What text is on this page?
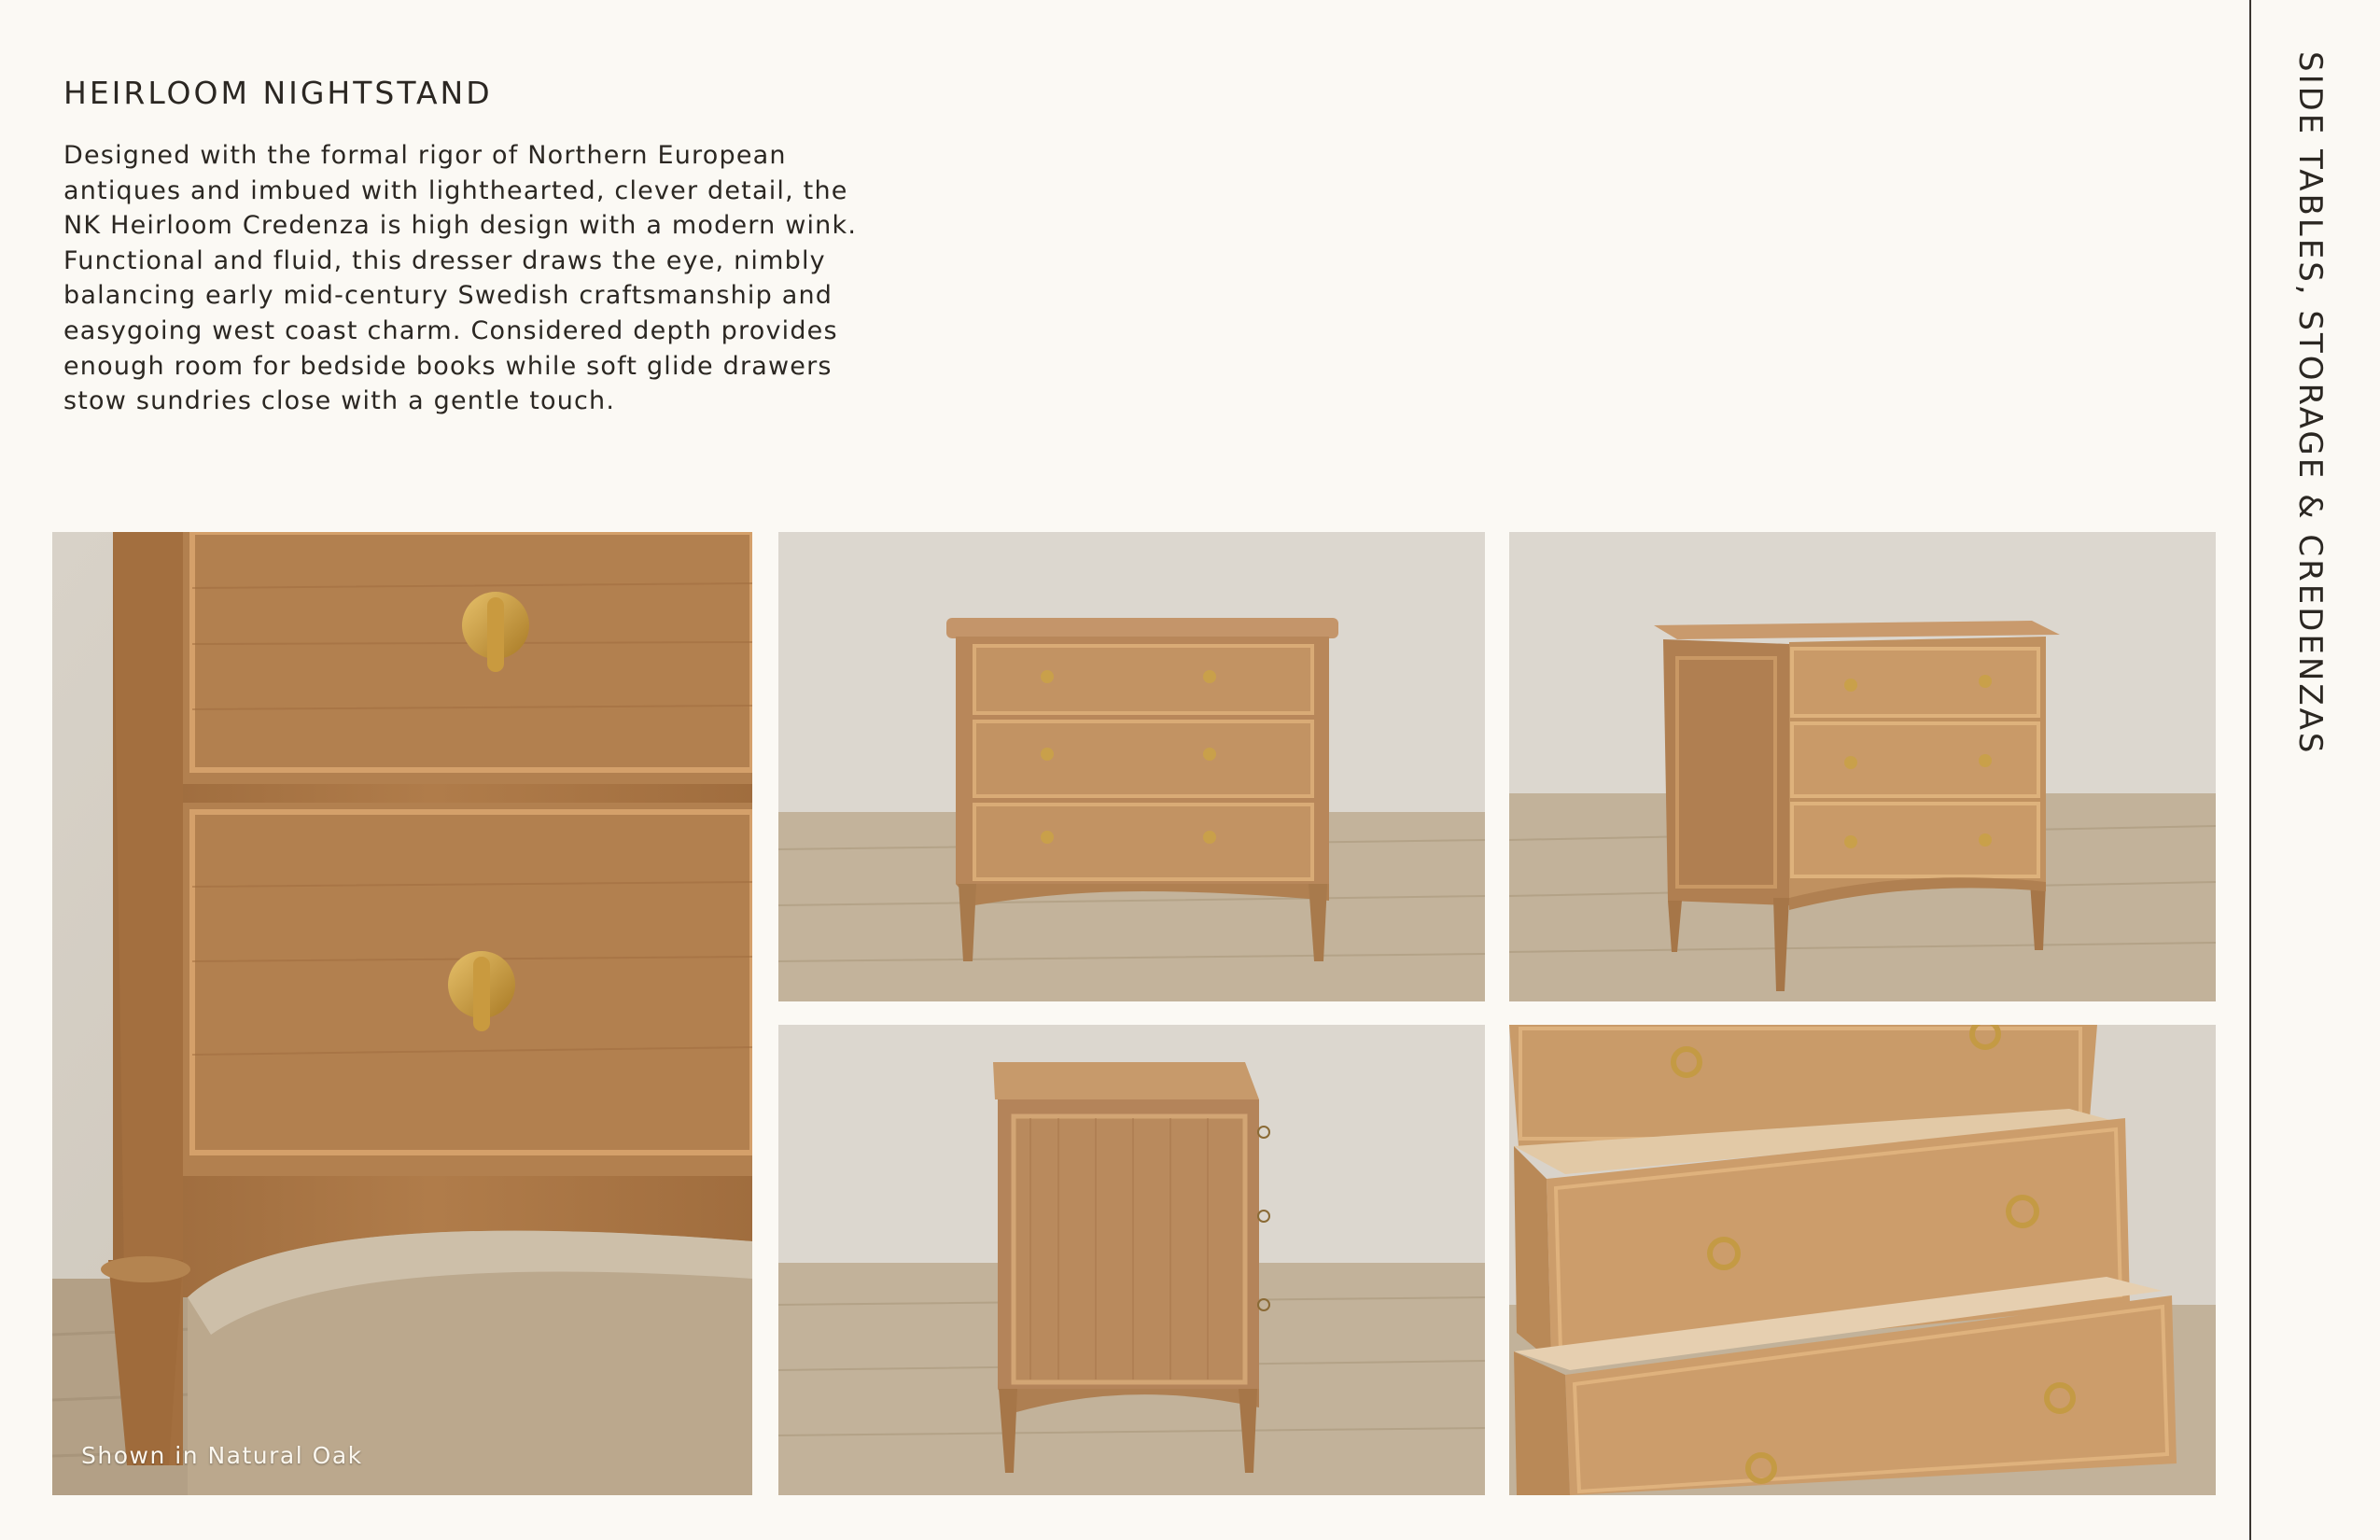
HEIRLOOM NIGHTSTAND

Designed with the formal rigor of Northern European antiques and imbued with lighthearted, clever detail, the NK Heirloom Credenza is high design with a modern wink. Functional and fluid, this dresser draws the eye, nimbly balancing early mid-century Swedish craftsmanship and easygoing west coast charm. Considered depth provides enough room for bedside books while soft glide drawers stow sundries close with a gentle touch.	SIDE TABLES, STORAGE & CREDENZAS
Shown in Natural Oak
